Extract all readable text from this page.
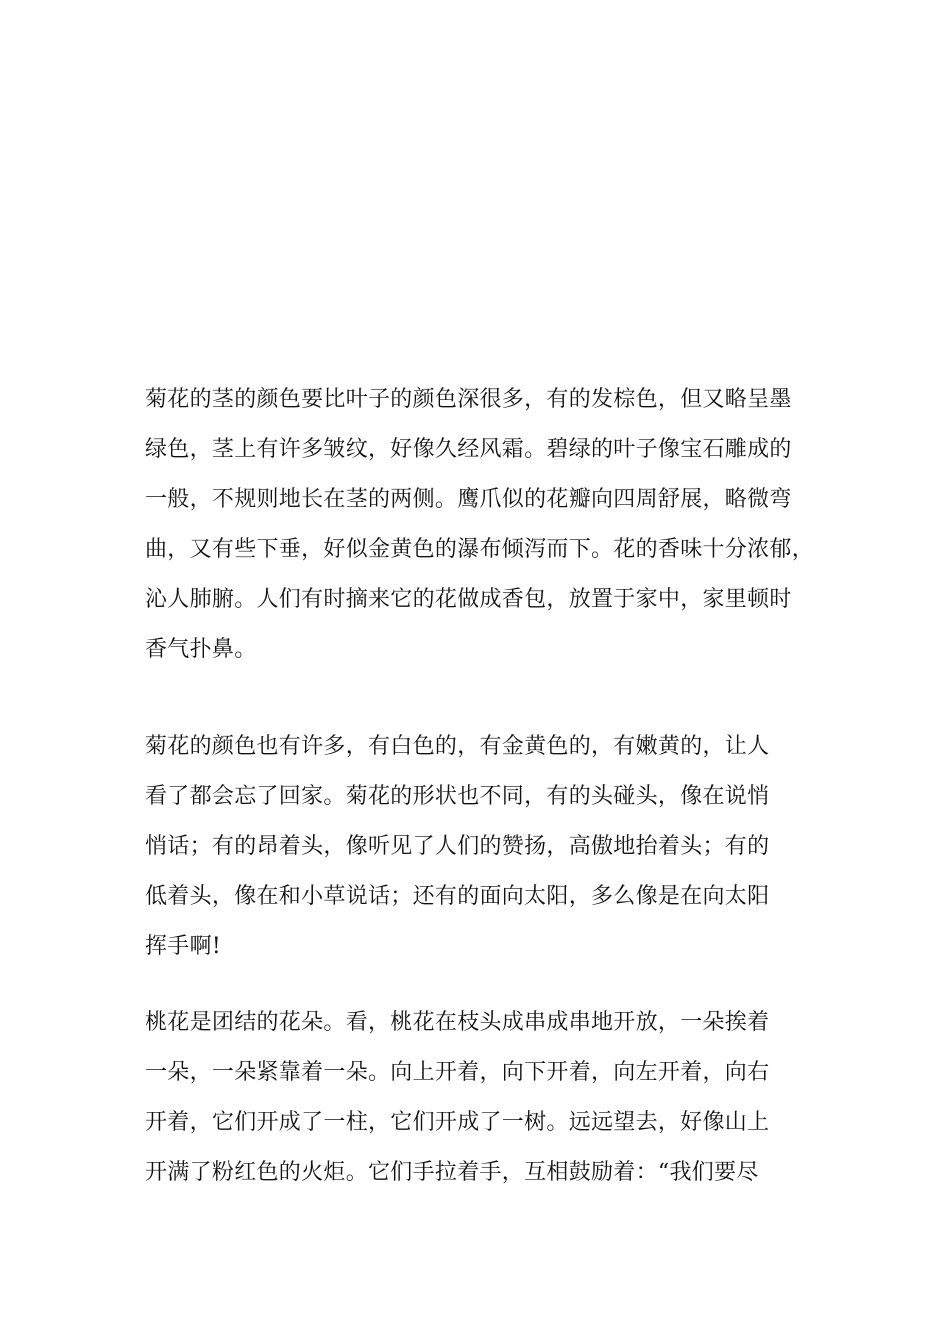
菊花的茎的颜色要比叶子的颜色深很多，有的发棕色，但又略呈墨
绿色，茎上有许多皱纹，好像久经风霜。碧绿的叶子像宝石雕成的
一般，不规则地长在茎的两侧。鹰爪似的花瓣向四周舒展，略微弯
曲，又有些下垂，好似金黄色的瀑布倾泻而下。花的香味十分浓郁，
沁人肺腑。人们有时摘来它的花做成香包，放置于家中，家里顿时
香气扑鼻。
菊花的颜色也有许多，有白色的，有金黄色的，有嫩黄的，让人
看了都会忘了回家。菊花的形状也不同，有的头碰头，像在说悄
悄话；有的昂着头，像听见了人们的赞扬，高傲地抬着头；有的
低着头，像在和小草说话；还有的面向太阳，多么像是在向太阳
挥手啊!
桃花是团结的花朵。看，桃花在枝头成串成串地开放，一朵挨着
一朵，一朵紧靠着一朵。向上开着，向下开着，向左开着，向右
开着，它们开成了一柱，它们开成了一树。远远望去，好像山上
开满了粉红色的火炬。它们手拉着手，互相鼓励着：“我们要尽
